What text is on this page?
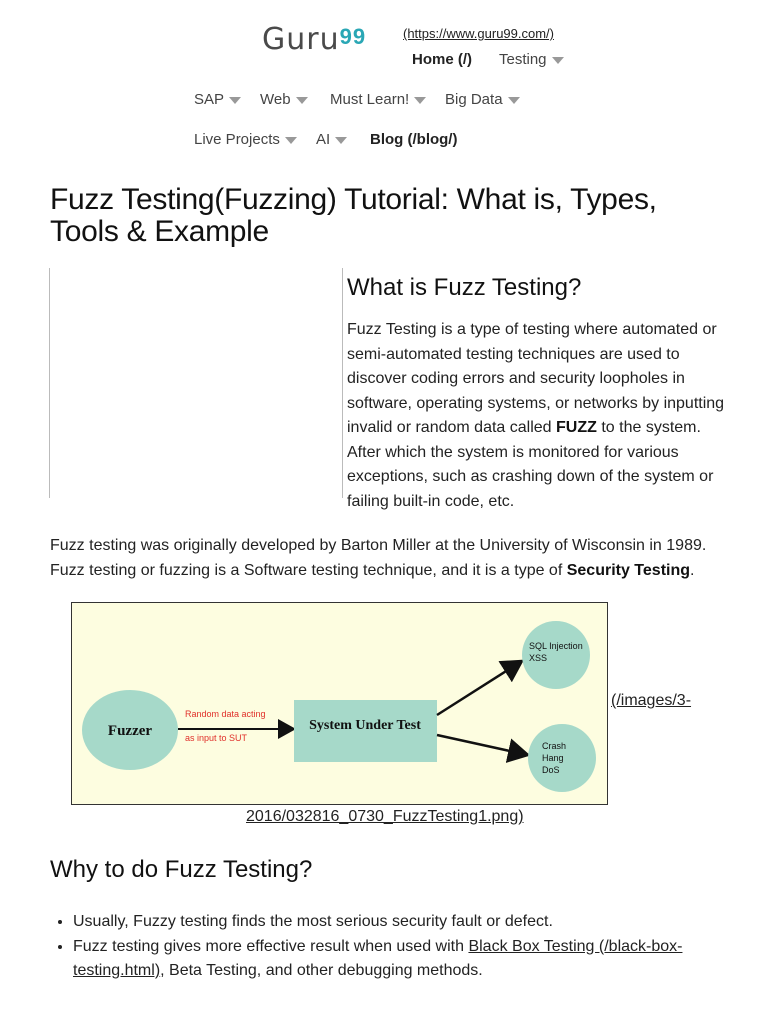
Guru$^{99}$	(https://www.guru99.com/)
Home (/) Testing
SAP	Web	Must Learn!	Big Data
Live Projects	AI	Blog (/blog/)
Fuzz Testing(Fuzzing) Tutorial: What is, Types, Tools & Example
What is Fuzz Testing?

Fuzz Testing is a type of testing where automated or semi-automated testing techniques are used to discover coding errors and security loopholes in software, operating systems, or networks by inputting invalid or random data called FUZZ to the system. After which the system is monitored for various exceptions, such as crashing down of the system or failing built-in code, etc.

Fuzz testing was originally developed by Barton Miller at the University of Wisconsin in 1989. Fuzz testing or fuzzing is a Software testing technique, and it is a type of Security Testing.

Fuzzer
Random data acting
as input to SUT
System Under Test
SQL Injection
XSS
Crash
Hang
DoS
(/images/3-
2016/032816_0730_FuzzTesting1.png)
Why to do Fuzz Testing?
• Usually, Fuzzy testing finds the most serious security fault or defect.
• Fuzz testing gives more effective result when used with Black Box Testing (/black-box-testing.html), Beta Testing, and other debugging methods.
